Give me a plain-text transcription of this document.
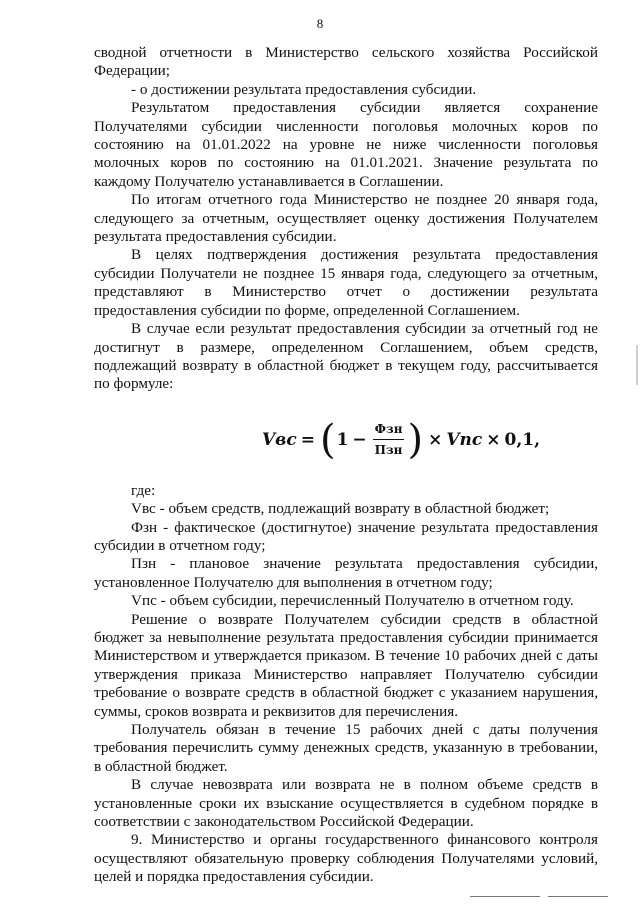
8

сводной отчетности в Министерство сельского хозяйства Российской Федерации;

- о достижении результата предоставления субсидии.

Результатом предоставления субсидии является сохранение Получателями субсидии численности поголовья молочных коров по состоянию на 01.01.2022 на уровне не ниже численности поголовья молочных коров по состоянию на 01.01.2021. Значение результата по каждому Получателю устанавливается в Соглашении.

По итогам отчетного года Министерство не позднее 20 января года, следующего за отчетным, осуществляет оценку достижения Получателем результата предоставления субсидии.

В целях подтверждения достижения результата предоставления субсидии Получатели не позднее 15 января года, следующего за отчетным, представляют в Министерство отчет о достижении результата предоставления субсидии по форме, определенной Соглашением.

В случае если результат предоставления субсидии за отчетный год не достигнут в размере, определенном Соглашением, объем средств, подлежащий возврату в областной бюджет в текущем году, рассчитывается по формуле:

Vвс = ( $1 - \frac{\text{Фзн}}{\text{Пзн}}$ ) × Vпс × 0,1,

где:

Vвс - объем средств, подлежащий возврату в областной бюджет;

Фзн - фактическое (достигнутое) значение результата предоставления субсидии в отчетном году;

Пзн - плановое значение результата предоставления субсидии, установленное Получателю для выполнения в отчетном году;

Vпс - объем субсидии, перечисленный Получателю в отчетном году.

Решение о возврате Получателем субсидии средств в областной бюджет за невыполнение результата предоставления субсидии принимается Министерством и утверждается приказом. В течение 10 рабочих дней с даты утверждения приказа Министерство направляет Получателю субсидии требование о возврате средств в областной бюджет с указанием нарушения, суммы, сроков возврата и реквизитов для перечисления.

Получатель обязан в течение 15 рабочих дней с даты получения требования перечислить сумму денежных средств, указанную в требовании, в областной бюджет.

В случае невозврата или возврата не в полном объеме средств в установленные сроки их взыскание осуществляется в судебном порядке в соответствии с законодательством Российской Федерации.

9. Министерство и органы государственного финансового контроля осуществляют обязательную проверку соблюдения Получателями условий, целей и порядка предоставления субсидии.
